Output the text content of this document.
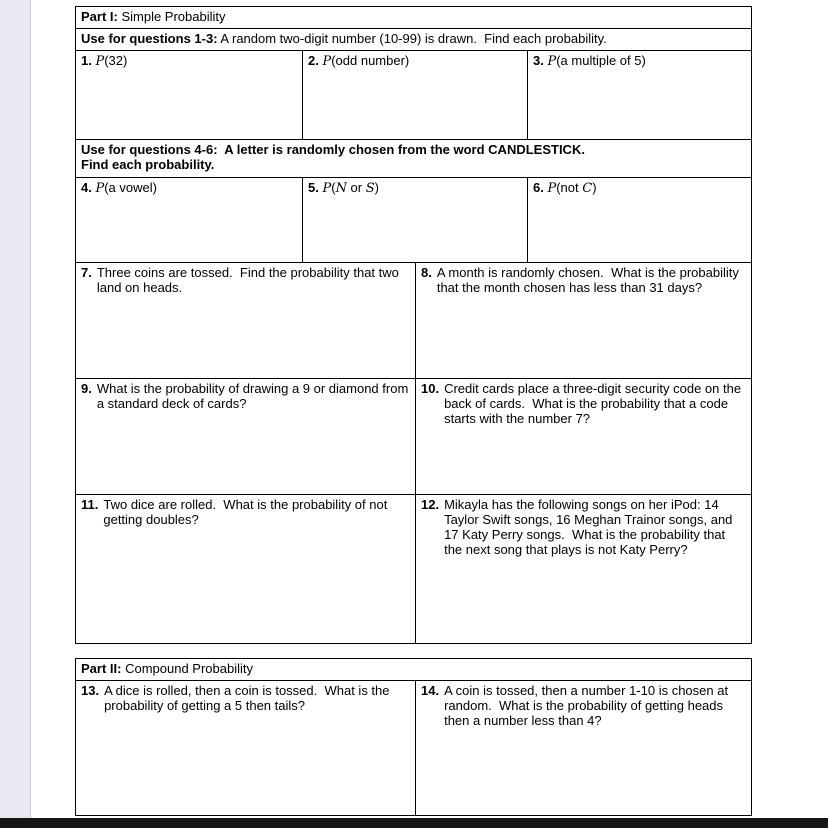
Part I: Simple Probability			
Use for questions 1-3: A random two-digit number (10-99) is drawn.  Find each probability.			
1. P(32)	2. P(odd number)		3. P(a multiple of 5)

Use for questions 4-6:  A letter is randomly chosen from the word CANDLESTICK.
Find each probability.			

4. P(a vowel)	5. P(N or S)		6. P(not C)

7. Three coins are tossed.  Find the probability that two land on heads.		8. A month is randomly chosen.  What is the probability that the month chosen has less than 31 days?	

9. What is the probability of drawing a 9 or diamond from a standard deck of cards?		10. Credit cards place a three-digit security code on the back of cards.  What is the probability that a code starts with the number 7?	

11. Two dice are rolled.  What is the probability of not getting doubles?		12. Mikayla has the following songs on her iPod: 14 Taylor Swift songs, 16 Meghan Trainor songs, and 17 Katy Perry songs.  What is the probability that the next song that plays is not Katy Perry?	
Part II: Compound Probability

13. A dice is rolled, then a coin is tossed.  What is the probability of getting a 5 then tails?

14. A coin is tossed, then a number 1-10 is chosen at random.  What is the probability of getting heads then a number less than 4?
